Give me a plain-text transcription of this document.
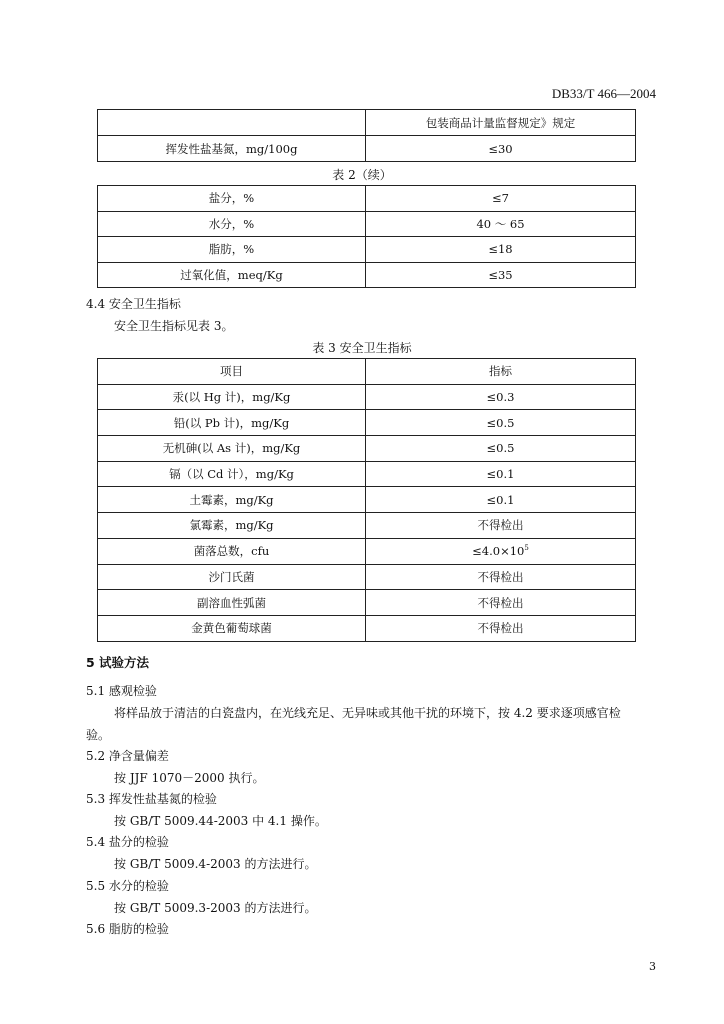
DB33/T 466—2004
	包装商品计量监督规定》规定
挥发性盐基氮，mg/100g	≤30
表 2（续）
盐分，%	≤7
水分，%	40 ～ 65
脂肪，%	≤18
过氧化值，meq/Kg	≤35
4.4 安全卫生指标
安全卫生指标见表 3。
表 3 安全卫生指标
项目	指标
汞(以 Hg 计)，mg/Kg	≤0.3
铅(以 Pb 计)，mg/Kg	≤0.5
无机砷(以 As 计)，mg/Kg	≤0.5
镉（以 Cd 计），mg/Kg	≤0.1
土霉素，mg/Kg	≤0.1
氯霉素，mg/Kg	不得检出
菌落总数，cfu	$\le 4.0\times 10^5$
沙门氏菌	不得检出
副溶血性弧菌	不得检出
金黄色葡萄球菌	不得检出
5 试验方法
5.1 感观检验
将样品放于清洁的白瓷盘内，在光线充足、无异味或其他干扰的环境下，按 4.2 要求逐项感官检
验。
5.2 净含量偏差
按 JJF 1070－2000 执行。
5.3 挥发性盐基氮的检验
按 GB/T 5009.44-2003 中 4.1 操作。
5.4 盐分的检验
按 GB/T 5009.4-2003 的方法进行。
5.5 水分的检验
按 GB/T 5009.3-2003 的方法进行。
5.6 脂肪的检验
3
